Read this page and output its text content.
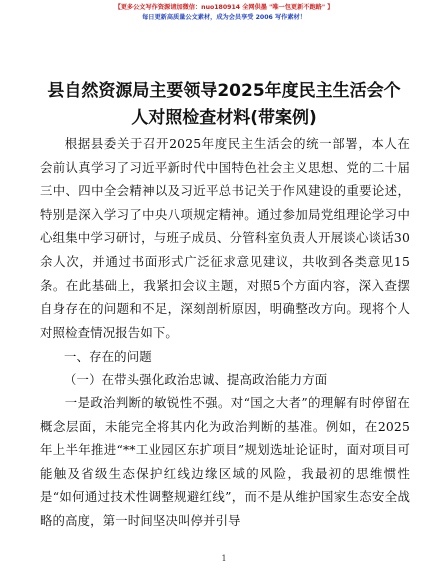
【更多公文写作资源请加微信：nuo180914 全网供墨 "唯一包更新不跑路" 】
每日更新高质量公文素材，成为会员享受 2006 写作素材！
县自然资源局主要领导2025年度民主生活会个人对照检查材料(带案例)

根据县委关于召开2025年度民主生活会的统一部署，本人在会前认真学习了习近平新时代中国特色社会主义思想、党的二十届三中、四中全会精神以及习近平总书记关于作风建设的重要论述，特别是深入学习了中央八项规定精神。通过参加局党组理论学习中心组集中学习研讨，与班子成员、分管科室负责人开展谈心谈话30余人次，并通过书面形式广泛征求意见建议，共收到各类意见15条。在此基础上，我紧扣会议主题，对照5个方面内容，深入查摆自身存在的问题和不足，深刻剖析原因，明确整改方向。现将个人对照检查情况报告如下。

一、存在的问题

（一）在带头强化政治忠诚、提高政治能力方面

一是政治判断的敏锐性不强。对“国之大者”的理解有时停留在概念层面，未能完全将其内化为政治判断的基准。例如，在2025年上半年推进“**工业园区东扩项目”规划选址论证时，面对项目可能触及省级生态保护红线边缘区域的风险，我最初的思维惯性是“如何通过技术性调整规避红线”，而不是从维护国家生态安全战略的高度，第一时间坚决叫停并引导

1
